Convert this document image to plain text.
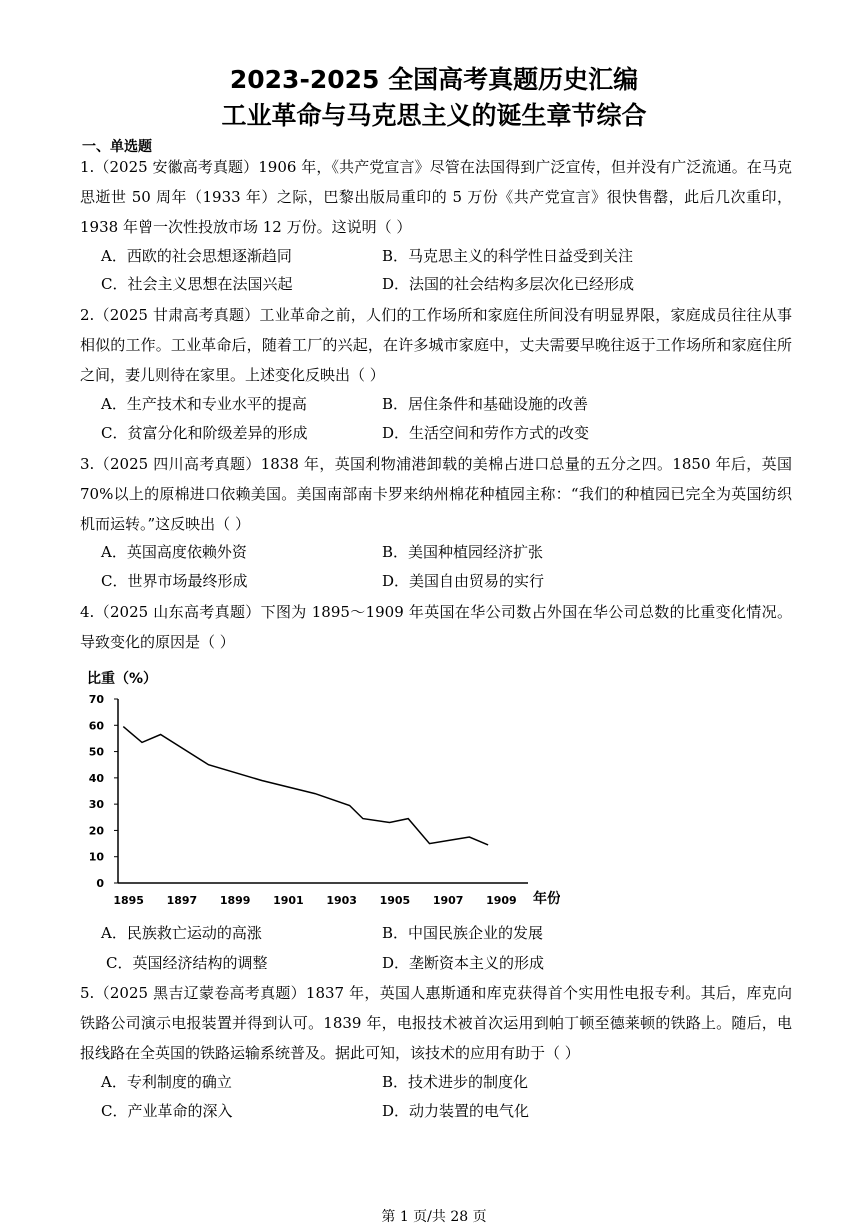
2023-2025 全国高考真题历史汇编
工业革命与马克思主义的诞生章节综合
一、单选题
1.（2025 安徽高考真题）1906 年，《共产党宣言》尽管在法国得到广泛宣传，但并没有广泛流通。在马克思逝世 50 周年（1933 年）之际，巴黎出版局重印的 5 万份《共产党宣言》很快售罄，此后几次重印，1938 年曾一次性投放市场 12 万份。这说明（ ）
A．西欧的社会思想逐渐趋同	B．马克思主义的科学性日益受到关注
C．社会主义思想在法国兴起	D．法国的社会结构多层次化已经形成
2.（2025 甘肃高考真题）工业革命之前，人们的工作场所和家庭住所间没有明显界限，家庭成员往往从事相似的工作。工业革命后，随着工厂的兴起，在许多城市家庭中，丈夫需要早晚往返于工作场所和家庭住所之间，妻儿则待在家里。上述变化反映出（ ）
A．生产技术和专业水平的提高	B．居住条件和基础设施的改善
C．贫富分化和阶级差异的形成	D．生活空间和劳作方式的改变
3.（2025 四川高考真题）1838 年，英国利物浦港卸载的美棉占进口总量的五分之四。1850 年后，英国 70%以上的原棉进口依赖美国。美国南部南卡罗来纳州棉花种植园主称：“我们的种植园已完全为英国纺织机而运转。”这反映出（ ）
A．英国高度依赖外资	B．美国种植园经济扩张
C．世界市场最终形成	D．美国自由贸易的实行
4.（2025 山东高考真题）下图为 1895～1909 年英国在华公司数占外国在华公司总数的比重变化情况。导致变化的原因是（ ）
比重（%）
0
10
20
30
40
50
60
70
1895 1897 1899 1901 1903 1905 1907 1909 年份
A．民族救亡运动的高涨	B．中国民族企业的发展
C．英国经济结构的调整	D．垄断资本主义的形成
5.（2025 黑吉辽蒙卷高考真题）1837 年，英国人惠斯通和库克获得首个实用性电报专利。其后，库克向铁路公司演示电报装置并得到认可。1839 年，电报技术被首次运用到帕丁顿至德莱顿的铁路上。随后，电报线路在全英国的铁路运输系统普及。据此可知，该技术的应用有助于（ ）
A．专利制度的确立	B．技术进步的制度化
C．产业革命的深入	D．动力装置的电气化
第 1 页/共 28 页
